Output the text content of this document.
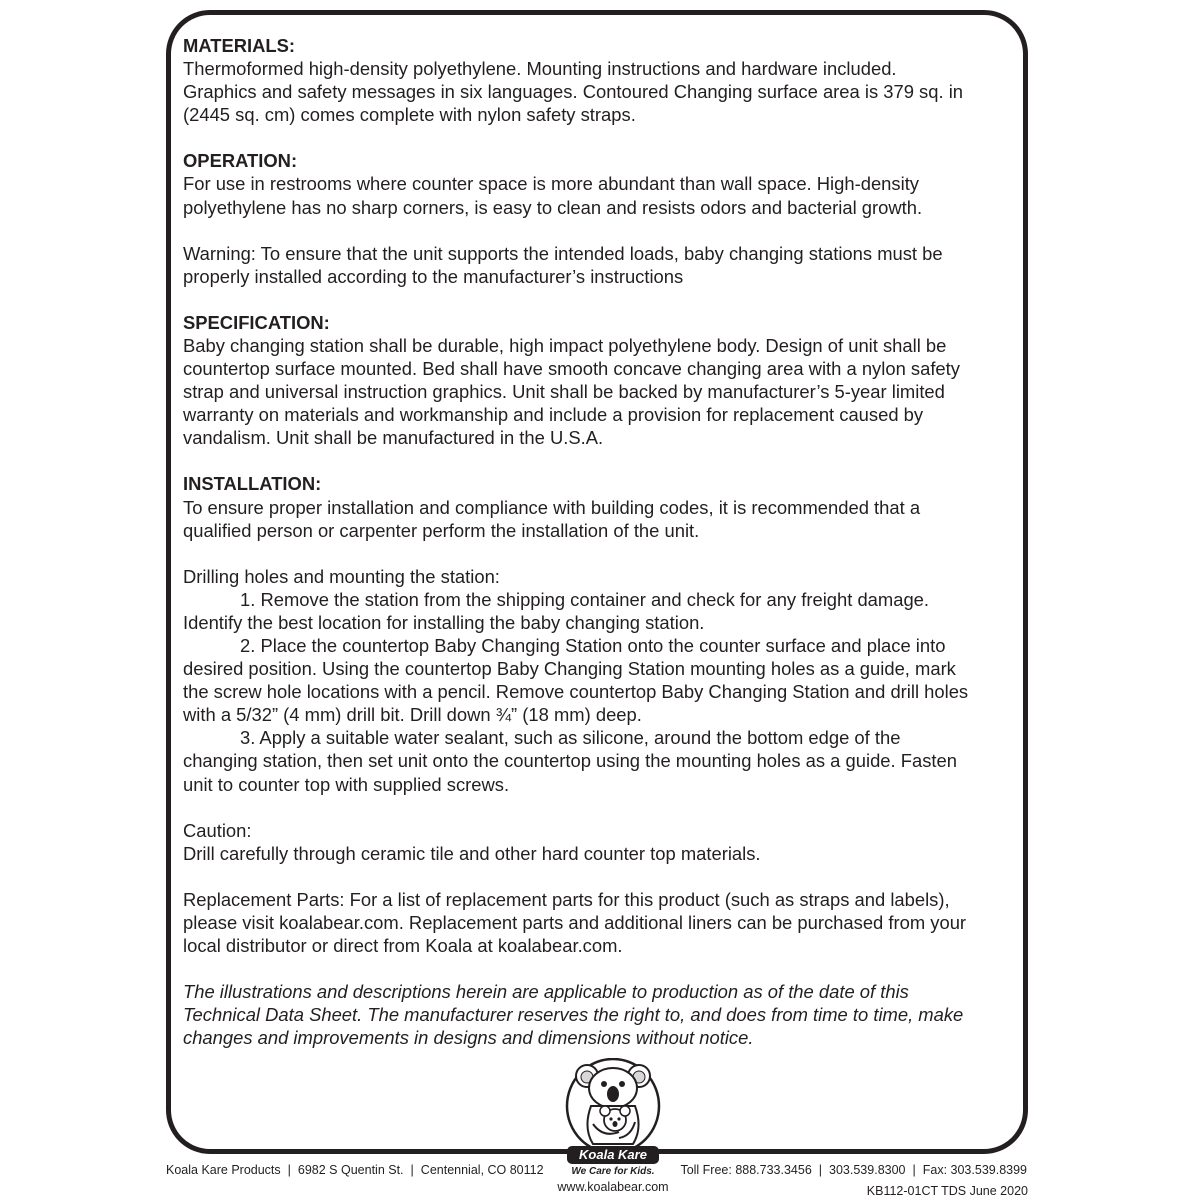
MATERIALS:

Thermoformed high-density polyethylene. Mounting instructions and hardware included.

Graphics and safety messages in six languages. Contoured Changing surface area is 379 sq. in

(2445 sq. cm) comes complete with nylon safety straps.

OPERATION:

For use in restrooms where counter space is more abundant than wall space. High-density

polyethylene has no sharp corners, is easy to clean and resists odors and bacterial growth.

Warning: To ensure that the unit supports the intended loads, baby changing stations must be

properly installed according to the manufacturer’s instructions

SPECIFICATION:

Baby changing station shall be durable, high impact polyethylene body. Design of unit shall be

countertop surface mounted. Bed shall have smooth concave changing area with a nylon safety

strap and universal instruction graphics. Unit shall be backed by manufacturer’s 5-year limited

warranty on materials and workmanship and include a provision for replacement caused by

vandalism. Unit shall be manufactured in the U.S.A.

INSTALLATION:

To ensure proper installation and compliance with building codes, it is recommended that a

qualified person or carpenter perform the installation of the unit.

Drilling holes and mounting the station:

1. Remove the station from the shipping container and check for any freight damage.

Identify the best location for installing the baby changing station.

2. Place the countertop Baby Changing Station onto the counter surface and place into

desired position. Using the countertop Baby Changing Station mounting holes as a guide, mark

the screw hole locations with a pencil. Remove countertop Baby Changing Station and drill holes

with a 5/32” (4 mm) drill bit. Drill down ¾” (18 mm) deep.

3. Apply a suitable water sealant, such as silicone, around the bottom edge of the

changing station, then set unit onto the countertop using the mounting holes as a guide. Fasten

unit to counter top with supplied screws.

Caution:

Drill carefully through ceramic tile and other hard counter top materials.

Replacement Parts: For a list of replacement parts for this product (such as straps and labels),

please visit koalabear.com. Replacement parts and additional liners can be purchased from your

local distributor or direct from Koala at koalabear.com.

The illustrations and descriptions herein are applicable to production as of the date of this

Technical Data Sheet. The manufacturer reserves the right to, and does from time to time, make

changes and improvements in designs and dimensions without notice.

Koala Kare
Koala Kare Products | 6982 S Quentin St. | Centennial, CO 80112	We Care for Kids.
www.koalabear.com
Toll Free: 888.733.3456 | 303.539.8300 | Fax: 303.539.8399
KB112-01CT TDS June 2020
